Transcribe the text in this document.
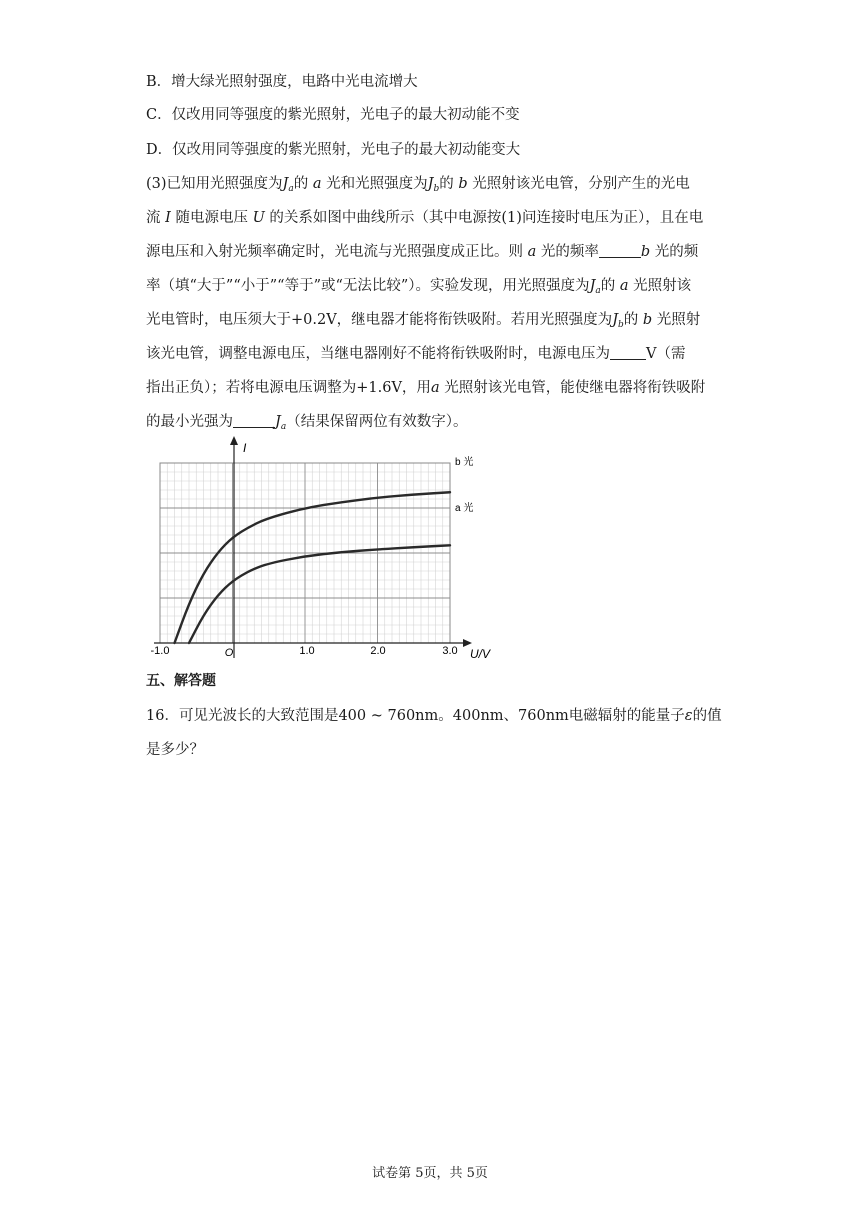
B．增大绿光照射强度，电路中光电流增大
C．仅改用同等强度的紫光照射，光电子的最大初动能不变
D．仅改用同等强度的紫光照射，光电子的最大初动能变大
(3)已知用光照强度为$J_a$的 a 光和光照强度为$J_b$的 b 光照射该光电管，分别产生的光电
流 I 随电源电压 U 的关系如图中曲线所示（其中电源按(1)问连接时电压为正），且在电
源电压和入射光频率确定时，光电流与光照强度成正比。则 a 光的频率	b 光的频
率（填“大于”“小于”“等于”或“无法比较”）。实验发现，用光照强度为$J_a$的 a 光照射该
光电管时，电压须大于+0.2V，继电器才能将衔铁吸附。若用光照强度为$J_b$的 b 光照射
该光电管，调整电源电压，当继电器刚好不能将衔铁吸附时，电源电压为 V（需
指出正负）；若将电源电压调整为+1.6V，用a 光照射该光电管，能使继电器将衔铁吸附
的最小光强为	$J_a$（结果保留两位有效数字）。
I
U/V
O
-1.0	1.0	2.0	3.0
b 光
a 光
五、解答题
16．可见光波长的大致范围是400 ~ 760nm。400nm、760nm电磁辐射的能量子ε的值
是多少？
试卷第 5页，共 5页
